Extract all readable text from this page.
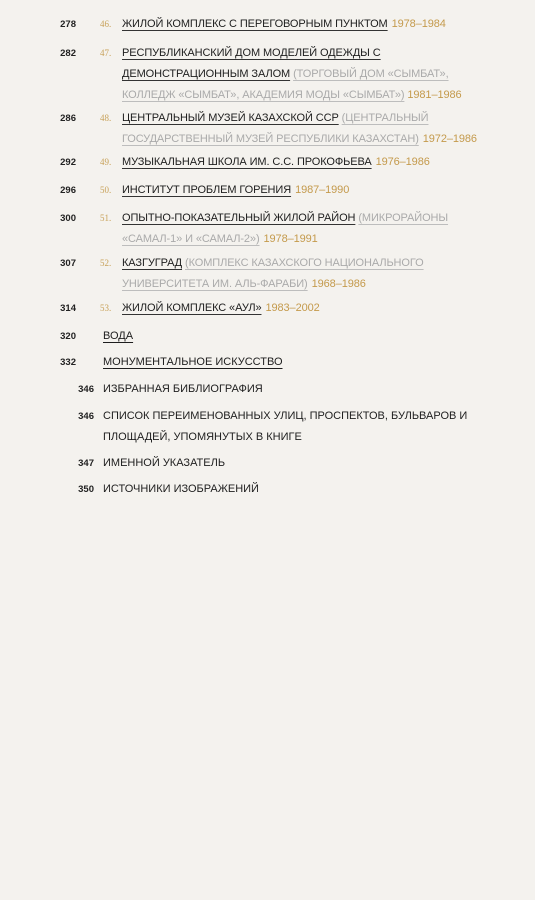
278	46. ЖИЛОЙ КОМПЛЕКС С ПЕРЕГОВОРНЫМ ПУНКТОМ 1978–1984
282	47. РЕСПУБЛИКАНСКИЙ ДОМ МОДЕЛЕЙ ОДЕЖДЫ С ДЕМОНСТРАЦИОННЫМ ЗАЛОМ (ТОРГОВЫЙ ДОМ «СЫМБАТ», КОЛЛЕДЖ «СЫМБАТ», АКАДЕМИЯ МОДЫ «СЫМБАТ») 1981–1986
286	48. ЦЕНТРАЛЬНЫЙ МУЗЕЙ КАЗАХСКОЙ ССР (ЦЕНТРАЛЬНЫЙ ГОСУДАРСТВЕННЫЙ МУЗЕЙ РЕСПУБЛИКИ КАЗАХСТАН) 1972–1986
292	49. МУЗЫКАЛЬНАЯ ШКОЛА ИМ. С.С. ПРОКОФЬЕВА 1976–1986
296	50. ИНСТИТУТ ПРОБЛЕМ ГОРЕНИЯ 1987–1990
300	51. ОПЫТНО-ПОКАЗАТЕЛЬНЫЙ ЖИЛОЙ РАЙОН (МИКРОРАЙОНЫ «САМАЛ-1» И «САМАЛ-2») 1978–1991
307	52. КАЗГУГРАД (КОМПЛЕКС КАЗАХСКОГО НАЦИОНАЛЬНОГО УНИВЕРСИТЕТА ИМ. АЛЬ-ФАРАБИ) 1968–1986
314	53. ЖИЛОЙ КОМПЛЕКС «АУЛ» 1983–2002
320 ВОДА
332 МОНУМЕНТАЛЬНОЕ ИСКУССТВО
346 ИЗБРАННАЯ БИБЛИОГРАФИЯ
346 СПИСОК ПЕРЕИМЕНОВАННЫХ УЛИЦ, ПРОСПЕКТОВ, БУЛЬВАРОВ И ПЛОЩАДЕЙ, УПОМЯНУТЫХ В КНИГЕ
347 ИМЕННОЙ УКАЗАТЕЛЬ
350 ИСТОЧНИКИ ИЗОБРАЖЕНИЙ
